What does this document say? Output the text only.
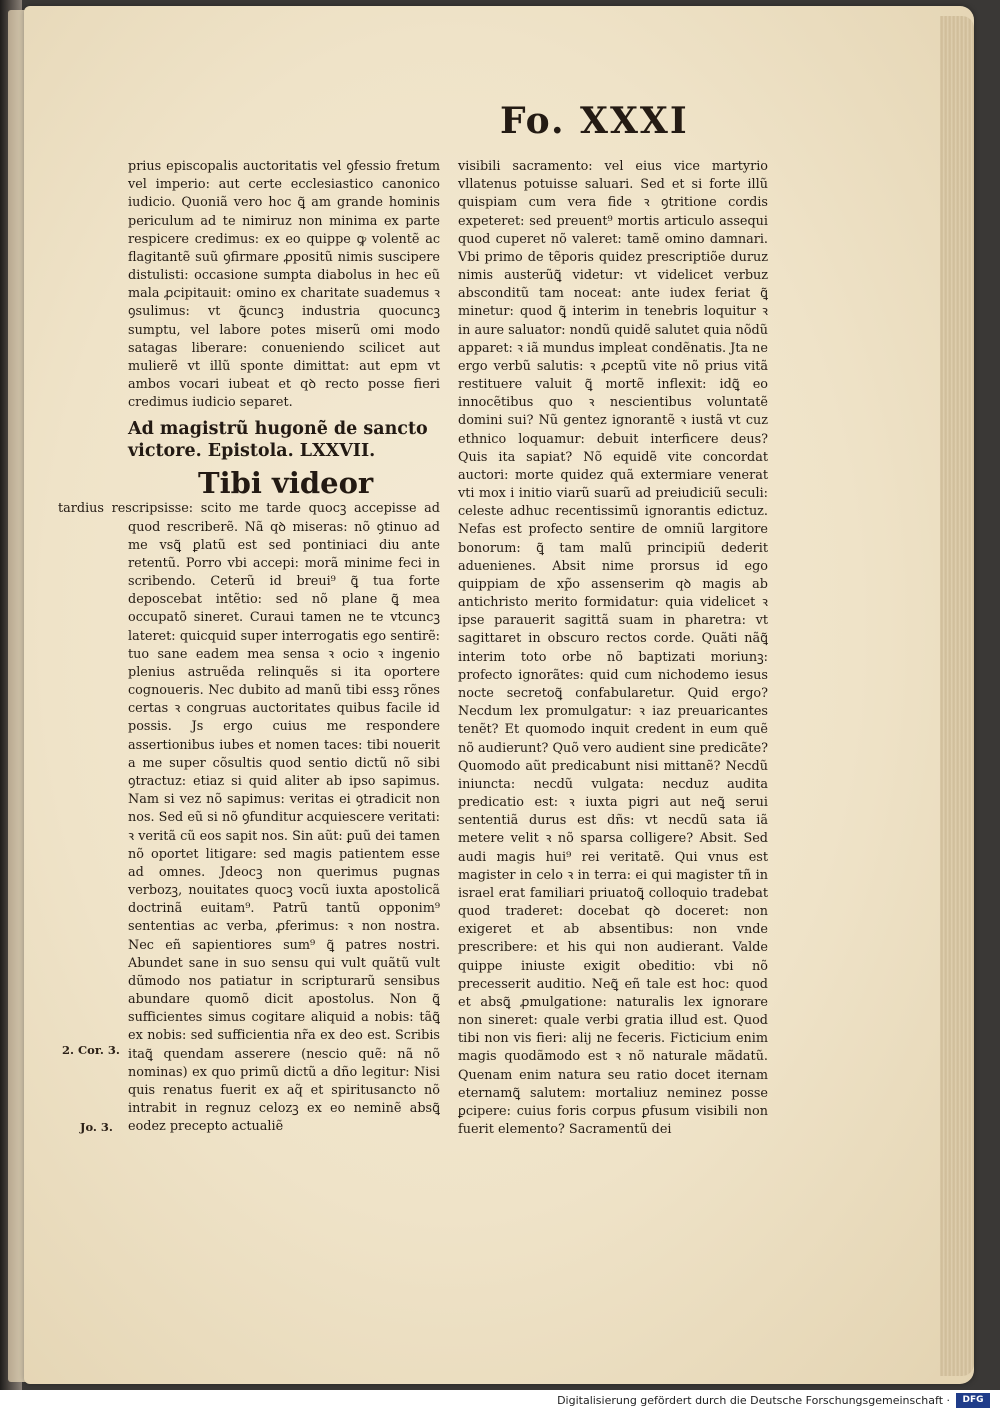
Fo. XXXI
prius episcopalis auctoritatis vel ꝯfessio fretum vel imperio: aut certe ecclesiastico canonico iudicio. Quoniã vero hoc ꝗ̃ am grande hominis periculum ad te nimiruz non minima ex parte respicere credimus: ex eo quippe ꝙ volentẽ ac flagitantẽ suũ ꝯfirmare ꝓpositũ nimis suscipere distulisti: occasione sumpta diabolus in hec eũ mala ꝓcipitauit: omino ex charitate suademus ꝛ ꝯsulimus: vt ꝗ̃cuncꝫ industria quocuncꝫ sumptu, vel labore potes miserũ omi modo satagas liberare: conueniendo scilicet aut mulierẽ vt illũ sponte dimittat: aut epm vt ambos vocari iubeat et qꝺ recto posse fieri credimus iudicio separet.
Ad magistrũ hugonẽ de sancto
victore. Epistola. LXXVII.
Tibi videor
tardius rescripsisse: scito me tarde quocꝫ accepisse ad quod rescriberẽ. Nã qꝺ miseras: nõ ꝯtinuo ad me vsꝗ̃ ꝑlatũ est sed pontiniaci diu ante retentũ. Porro vbi accepi: morã minime feci in scribendo. Ceterũ id breui⁹ ꝗ̃ tua forte deposcebat intẽtio: sed nõ plane ꝗ̃ mea occupatõ sineret. Curaui tamen ne te vtcuncꝫ lateret: quicquid super interrogatis ego sentirẽ: tuo sane eadem mea sensa ꝛ ocio ꝛ ingenio plenius astruẽda relinquẽs si ita oportere cognoueris. Nec dubito ad manũ tibi essꝫ rõnes certas ꝛ congruas auctoritates quibus facile id possis. Js ergo cuius me respondere assertionibus iubes et nomen taces: tibi nouerit a me super cõsultis quod sentio dictũ nõ sibi ꝯtractuz: etiaz si quid aliter ab ipso sapimus. Nam si vez nõ sapimus: veritas ei ꝯtradicit non nos. Sed eũ si nõ ꝯfunditur acquiescere veritati: ꝛ veritã cũ eos sapit nos. Sin aũt: ꝑuũ dei tamen nõ oportet litigare: sed magis patientem esse ad omnes. Jdeocꝫ non querimus pugnas verbozꝫ, nouitates quocꝫ vocũ iuxta apostolicã doctrinã euitam⁹. Patrũ tantũ opponim⁹ sententias ac verba, ꝓferimus: ꝛ non nostra. Nec eñ sapientiores sum⁹ ꝗ̃ patres nostri. Abundet sane in suo sensu qui vult quãtũ vult dũmodo nos patiatur in scripturarũ sensibus abundare quomõ dicit apostolus. Non ꝗ̃ sufficientes simus cogitare aliquid a nobis: tãꝗ̃ ex nobis: sed sufficientia nr̃a ex deo est. Scribis itaꝗ̃ quendam asserere (nescio quẽ: nã nõ nominas) ex quo primũ dictũ a dño legitur: Nisi quis renatus fuerit ex aq̃ et spiritusancto nõ intrabit in regnuz celozꝫ ex eo neminẽ absꝗ̃ eodez precepto actualiẽ
visibili sacramento: vel eius vice martyrio vllatenus potuisse saluari. Sed et si forte illũ quispiam cum vera fide ꝛ ꝯtritione cordis expeteret: sed preuent⁹ mortis articulo assequi quod cuperet nõ valeret: tamẽ omino damnari. Vbi primo de tẽporis quidez prescriptiõe duruz nimis austerũꝗ̃ videtur: vt videlicet verbuz absconditũ tam noceat: ante iudex feriat ꝗ̃ minetur: quod ꝗ̃ interim in tenebris loquitur ꝛ in aure saluator: nondũ quidẽ salutet quia nõdũ apparet: ꝛ iã mundus impleat condẽnatis. Jta ne ergo verbũ salutis: ꝛ ꝓceptũ vite nõ prius vitã restituere valuit ꝗ̃ mortẽ inflexit: idꝗ̃ eo innocẽtibus quo ꝛ nescientibus voluntatẽ domini sui? Nũ gentez ignorantẽ ꝛ iustã vt cuz ethnico loquamur: debuit interficere deus? Quis ita sapiat? Nõ equidẽ vite concordat auctori: morte quidez quã extermiare venerat vti mox i initio viarũ suarũ ad preiudiciũ seculi: celeste adhuc recentissimũ ignorantis edictuz. Nefas est profecto sentire de omniũ largitore bonorum: ꝗ̃ tam malũ principiũ dederit aduenienes. Absit nime prorsus id ego quippiam de xp̃o assenserim qꝺ magis ab antichristo merito formidatur: quia videlicet ꝛ ipse parauerit sagittã suam in pharetra: vt sagittaret in obscuro rectos corde. Quãti nãꝗ̃ interim toto orbe nõ baptizati moriunꝫ: profecto ignorãtes: quid cum nichodemo iesus nocte secretoꝗ̃ confabularetur. Quid ergo? Necdum lex promulgatur: ꝛ iaz preuaricantes tenẽt? Et quomodo inquit credent in eum quẽ nõ audierunt? Quõ vero audient sine predicãte? Quomodo aũt predicabunt nisi mittanẽ? Necdũ iniuncta: necdũ vulgata: necduz audita predicatio est: ꝛ iuxta pigri aut neꝗ̃ serui sententiã durus est dñs: vt necdũ sata iã metere velit ꝛ nõ sparsa colligere? Absit. Sed audi magis hui⁹ rei veritatẽ. Qui vnus est magister in celo ꝛ in terra: ei qui magister tñ in israel erat familiari priuatoꝗ̃ colloquio tradebat quod traderet: docebat qꝺ doceret: non exigeret et ab absentibus: non vnde prescribere: et his qui non audierant. Valde quippe iniuste exigit obeditio: vbi nõ precesserit auditio. Neꝗ̃ eñ tale est hoc: quod et absꝗ̃ ꝓmulgatione: naturalis lex ignorare non sineret: quale verbi gratia illud est. Quod tibi non vis fieri: alij ne feceris. Ficticium enim magis quodãmodo est ꝛ nõ naturale mãdatũ. Quenam enim natura seu ratio docet iternam eternamꝗ̃ salutem: mortaliuz neminez posse ꝑcipere: cuius foris corpus ꝑfusum visibili non fuerit elemento? Sacramentũ dei
2. Cor. 3.
Jo. 3.
Digitalisierung gefördert durch die Deutsche Forschungsgemeinschaft ·	DFG
